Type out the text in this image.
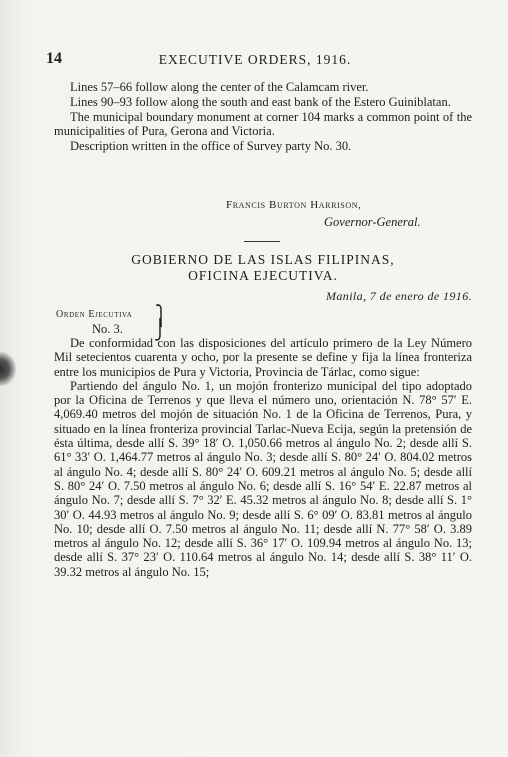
14	EXECUTIVE ORDERS, 1916.

Lines 57–66 follow along the center of the Calamcam river.

Lines 90–93 follow along the south and east bank of the Estero Guiniblatan.

The municipal boundary monument at corner 104 marks a common point of the municipalities of Pura, Gerona and Victoria.

Description written in the office of Survey party No. 30.

Francis Burton Harrison,
Governor-General.
GOBIERNO DE LAS ISLAS FILIPINAS,
OFICINA EJECUTIVA.
Manila, 7 de enero de 1916.
Orden Ejecutiva
No. 3.
⎫
⎭

De conformidad con las disposiciones del artículo primero de la Ley Número Mil setecientos cuarenta y ocho, por la presente se define y fija la línea fronteriza entre los municipios de Pura y Victoria, Provincia de Tárlac, como sigue:

Partiendo del ángulo No. 1, un mojón fronterizo municipal del tipo adoptado por la Oficina de Terrenos y que lleva el número uno, orientación N. 78° 57′ E. 4,069.40 metros del mojón de situación No. 1 de la Oficina de Terrenos, Pura, y situado en la línea fronteriza provincial Tarlac-Nueva Ecija, según la pretensión de ésta última, desde allí S. 39° 18′ O. 1,050.66 metros al ángulo No. 2; desde allí S. 61° 33′ O. 1,464.77 metros al ángulo No. 3; desde allí S. 80° 24′ O. 804.02 metros al ángulo No. 4; desde allí S. 80° 24′ O. 609.21 metros al ángulo No. 5; desde allí S. 80° 24′ O. 7.50 metros al ángulo No. 6; desde allí S. 16° 54′ E. 22.87 metros al ángulo No. 7; desde allí S. 7° 32′ E. 45.32 metros al ángulo No. 8; desde allí S. 1° 30′ O. 44.93 metros al ángulo No. 9; desde allí S. 6° 09′ O. 83.81 metros al ángulo No. 10; desde allí O. 7.50 metros al ángulo No. 11; desde allí N. 77° 58′ O. 3.89 metros al ángulo No. 12; desde allí S. 36° 17′ O. 109.94 metros al ángulo No. 13; desde allí S. 37° 23′ O. 110.64 metros al ángulo No. 14; desde allí S. 38° 11′ O. 39.32 metros al ángulo No. 15;
